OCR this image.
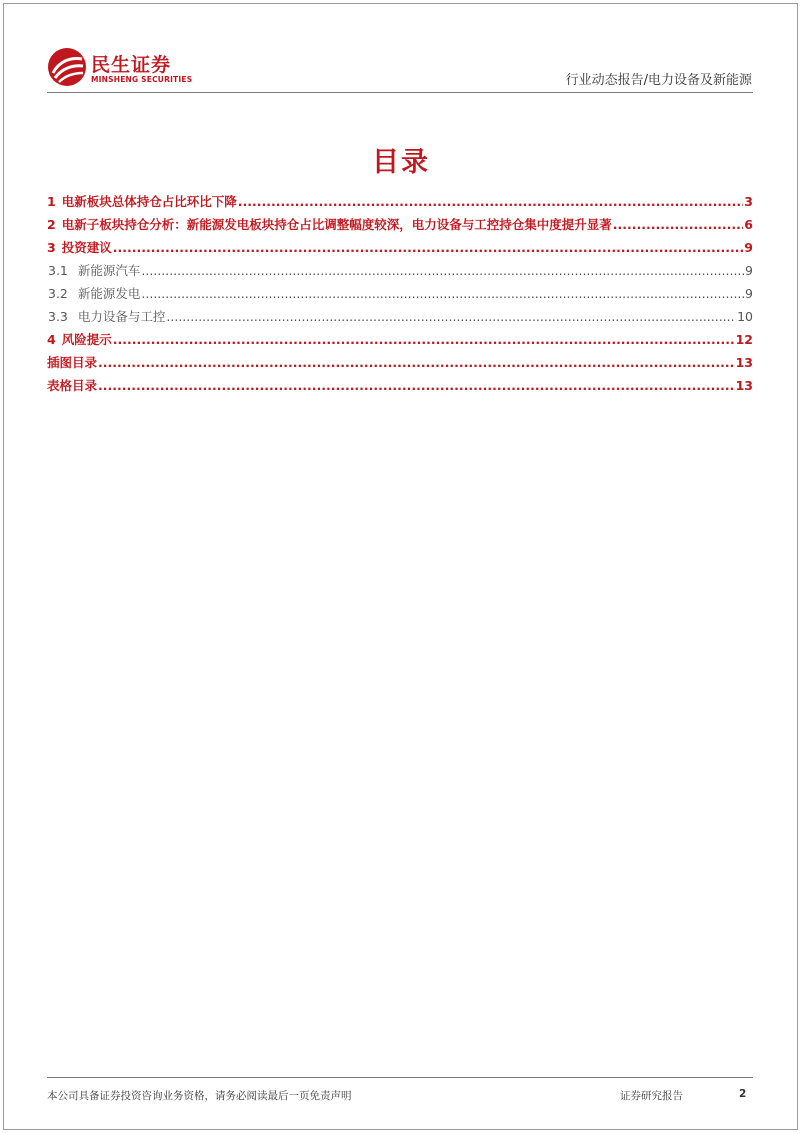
民生证券
MINSHENG SECURITIES	行业动态报告/电力设备及新能源
目录
1 电新板块总体持仓占比环比下降 .....	3
2 电新子板块持仓分析：新能源发电板块持仓占比调整幅度较深，电力设备与工控持仓集中度提升显著 .....	6
3 投资建议 .....	9
3.1 新能源汽车 .....	9
3.2 新能源发电 .....	9
3.3 电力设备与工控 .....	10
4 风险提示 .....	12
插图目录 .....	13
表格目录 .....	13
本公司具备证券投资咨询业务资格，请务必阅读最后一页免责声明	证券研究报告	2
